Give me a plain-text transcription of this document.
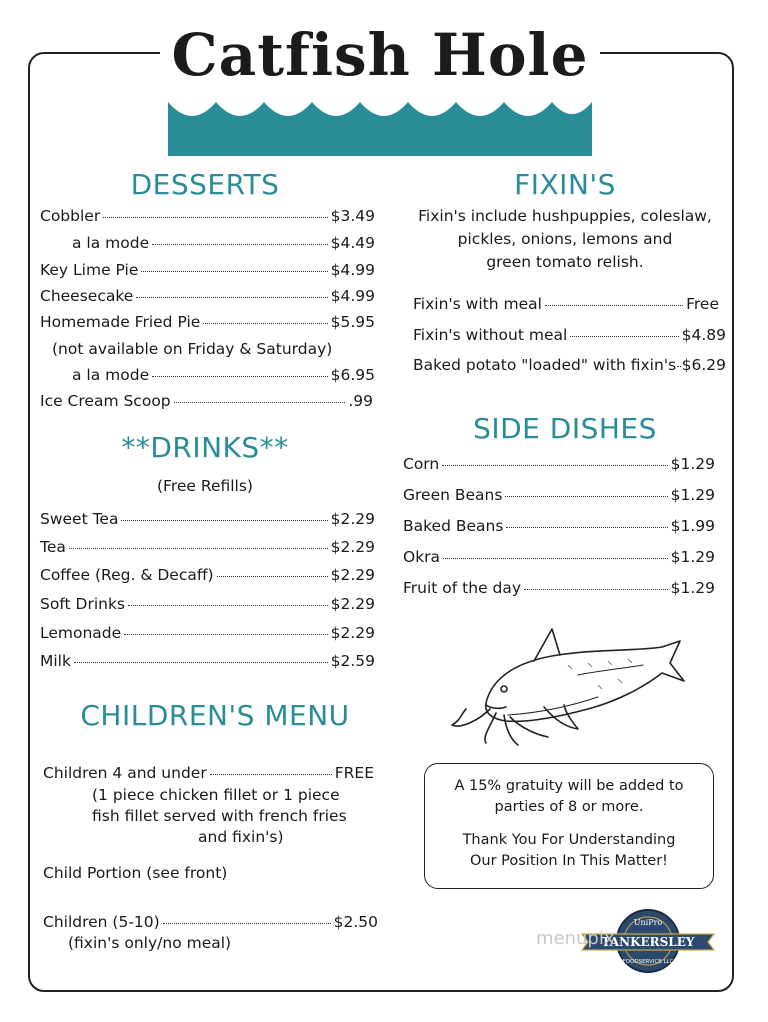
Catfish Hole
DESSERTS
Cobbler	$3.49
a la mode	$4.49
Key Lime Pie	$4.99
Cheesecake	$4.99
Homemade Fried Pie	$5.95
(not available on Friday & Saturday)
a la mode	$6.95
Ice Cream Scoop	.99
**DRINKS**
(Free Refills)
Sweet Tea	$2.29
Tea	$2.29
Coffee (Reg. & Decaff)	$2.29
Soft Drinks	$2.29
Lemonade	$2.29
Milk	$2.59
CHILDREN'S MENU
Children 4 and under	FREE
(1 piece chicken fillet or 1 piece
fish fillet served with french fries
and fixin's)
Child Portion (see front)
Children (5-10)	$2.50
(fixin's only/no meal)
FIXIN'S
Fixin's include hushpuppies, coleslaw,
pickles, onions, lemons and
green tomato relish.
Fixin's with meal	Free
Fixin's without meal	$4.89
Baked potato "loaded" with fixin's $6.29
SIDE DISHES
Corn	$1.29
Green Beans	$1.29
Baked Beans	$1.99
Okra	$1.29
Fruit of the day	$1.29

A 15% gratuity will be added to

parties of 8 or more.

Thank You For Understanding

Our Position In This Matter!

TANKERSLEY
UniPro
FOODSERVICE LLC
menupix
